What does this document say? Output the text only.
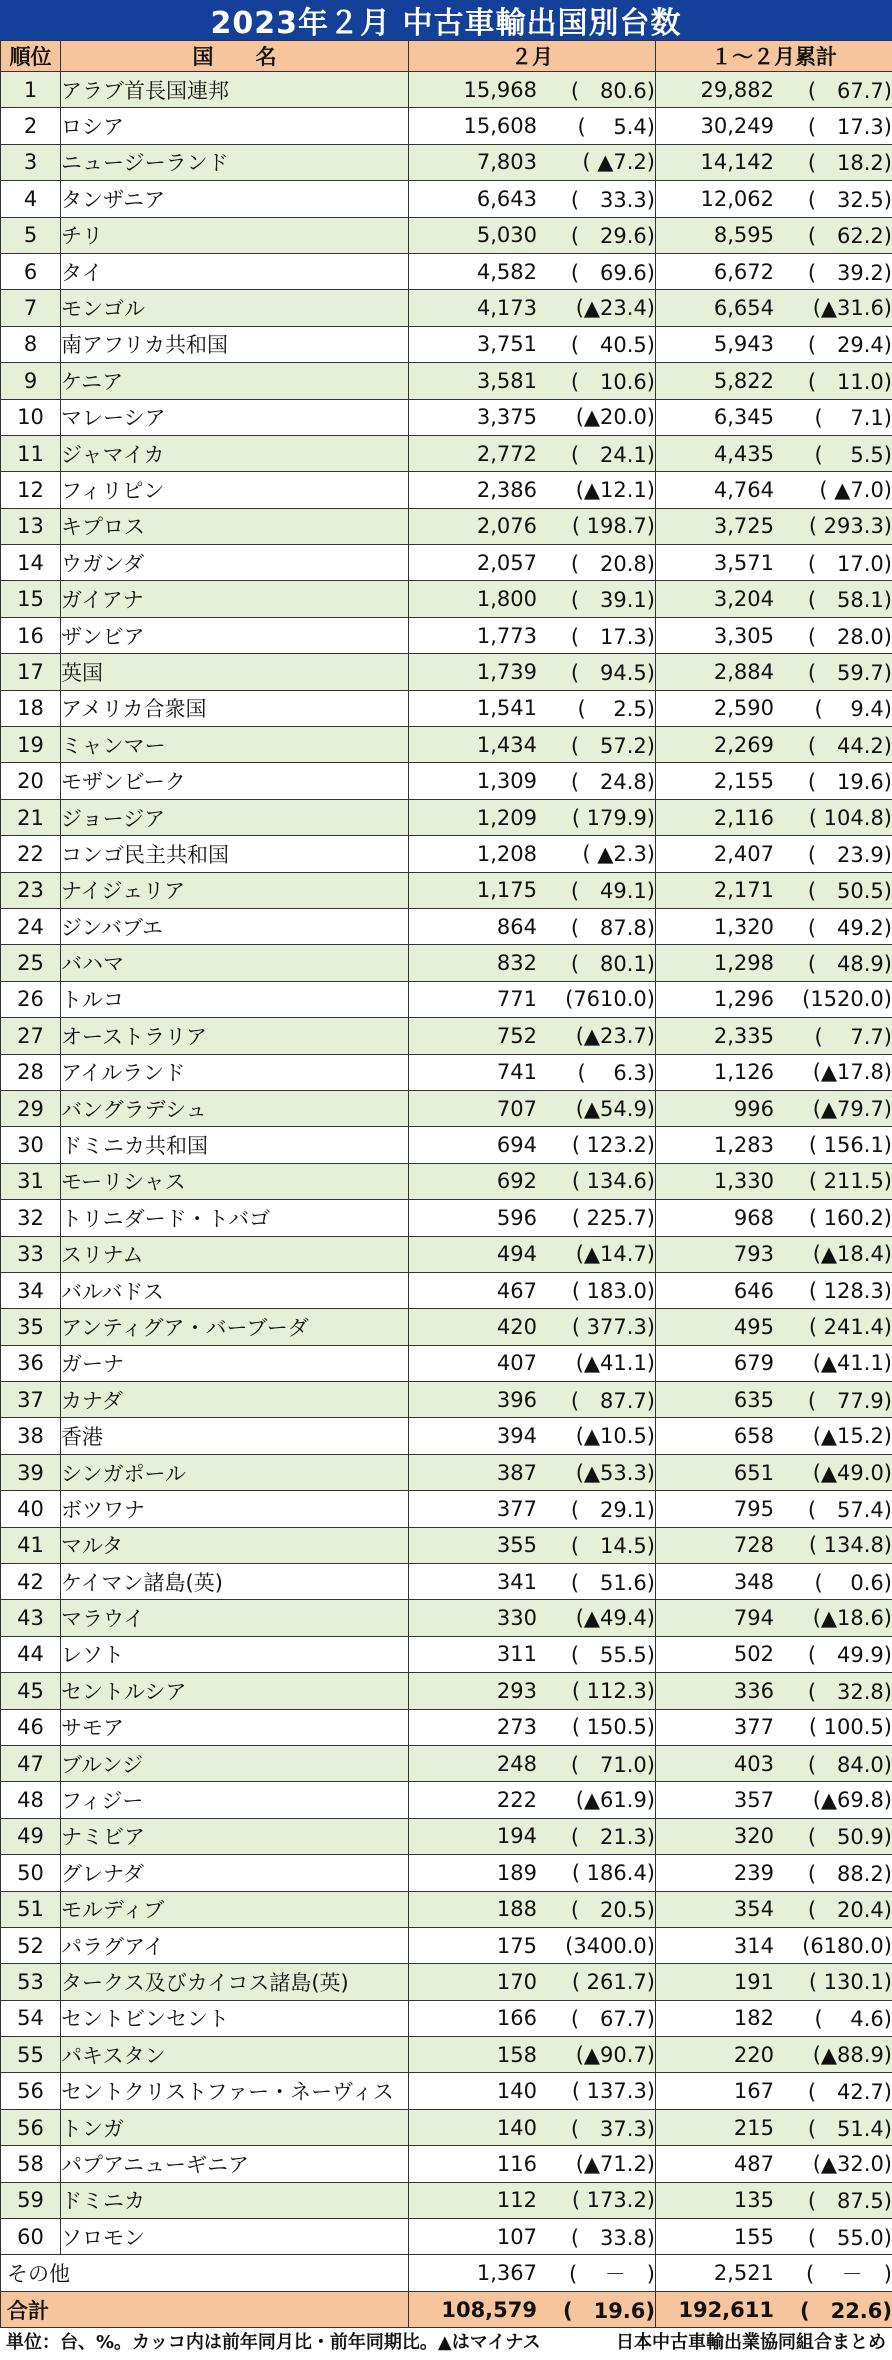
2023年２月 中古車輸出国別台数
順位	国　　名	２月	１～２月累計
1	アラブ首長国連邦	15,968 (　80.6)	29,882 (　67.7)

2	ロシア	15,608 (　 5.4)	30,249 (　17.3)

3	ニュージーランド	7,803 ( ▲7.2)	14,142 (　18.2)

4	タンザニア	6,643 (　33.3)	12,062 (　32.5)

5	チリ	5,030 (　29.6)	8,595 (　62.2)

6	タイ	4,582 (　69.6)	6,672 (　39.2)

7	モンゴル	4,173 (▲23.4)	6,654 (▲31.6)

8	南アフリカ共和国	3,751 (　40.5)	5,943 (　29.4)

9	ケニア	3,581 (　10.6)	5,822 (　11.0)

10	マレーシア	3,375 (▲20.0)	6,345 (　 7.1)

11	ジャマイカ	2,772 (　24.1)	4,435 (　 5.5)

12	フィリピン	2,386 (▲12.1)	4,764 ( ▲7.0)

13	キプロス	2,076 ( 198.7)	3,725 ( 293.3)

14	ウガンダ	2,057 (　20.8)	3,571 (　17.0)

15	ガイアナ	1,800 (　39.1)	3,204 (　58.1)

16	ザンビア	1,773 (　17.3)	3,305 (　28.0)

17	英国	1,739 (　94.5)	2,884 (　59.7)

18	アメリカ合衆国	1,541 (　 2.5)	2,590 (　 9.4)

19	ミャンマー	1,434 (　57.2)	2,269 (　44.2)

20	モザンビーク	1,309 (　24.8)	2,155 (　19.6)

21	ジョージア	1,209 ( 179.9)	2,116 ( 104.8)

22	コンゴ民主共和国	1,208 ( ▲2.3)	2,407 (　23.9)

23	ナイジェリア	1,175 (　49.1)	2,171 (　50.5)

24	ジンバブエ	864 (　87.8)	1,320 (　49.2)

25	バハマ	832 (　80.1)	1,298 (　48.9)

26	トルコ	771 (7610.0)	1,296 (1520.0)

27	オーストラリア	752 (▲23.7)	2,335 (　 7.7)

28	アイルランド	741 (　 6.3)	1,126 (▲17.8)

29	バングラデシュ	707 (▲54.9)	996 (▲79.7)

30	ドミニカ共和国	694 ( 123.2)	1,283 ( 156.1)

31	モーリシャス	692 ( 134.6)	1,330 ( 211.5)

32	トリニダード・トバゴ	596 ( 225.7)	968 ( 160.2)

33	スリナム	494 (▲14.7)	793 (▲18.4)

34	バルバドス	467 ( 183.0)	646 ( 128.3)

35	アンティグア・バーブーダ	420 ( 377.3)	495 ( 241.4)

36	ガーナ	407 (▲41.1)	679 (▲41.1)

37	カナダ	396 (　87.7)	635 (　77.9)

38	香港	394 (▲10.5)	658 (▲15.2)

39	シンガポール	387 (▲53.3)	651 (▲49.0)

40	ボツワナ	377 (　29.1)	795 (　57.4)

41	マルタ	355 (　14.5)	728 ( 134.8)

42	ケイマン諸島(英)	341 (　51.6)	348 (　 0.6)

43	マラウイ	330 (▲49.4)	794 (▲18.6)

44	レソト	311 (　55.5)	502 (　49.9)

45	セントルシア	293 ( 112.3)	336 (　32.8)

46	サモア	273 ( 150.5)	377 ( 100.5)

47	ブルンジ	248 (　71.0)	403 (　84.0)

48	フィジー	222 (▲61.9)	357 (▲69.8)

49	ナミビア	194 (　21.3)	320 (　50.9)

50	グレナダ	189 ( 186.4)	239 (　88.2)

51	モルディブ	188 (　20.5)	354 (　20.4)

52	パラグアイ	175 (3400.0)	314 (6180.0)

53	タークス及びカイコス諸島(英)	170 ( 261.7)	191 ( 130.1)

54	セントビンセント	166 (　67.7)	182 (　 4.6)

55	パキスタン	158 (▲90.7)	220 (▲88.9)

56	セントクリストファー・ネーヴィス	140 ( 137.3)	167 (　42.7)

56	トンガ	140 (　37.3)	215 (　51.4)

58	パプアニューギニア	116 (▲71.2)	487 (▲32.0)

59	ドミニカ	112 ( 173.2)	135 (　87.5)

60	ソロモン	107 (　33.8)	155 (　55.0)

その他		1,367 (　 －　)	2,521 (　 －　)

合計		108,579 (　19.6)	192,611 (　22.6)
単位：台、%。カッコ内は前年同月比・前年同期比。▲はマイナス	日本中古車輸出業協同組合まとめ
